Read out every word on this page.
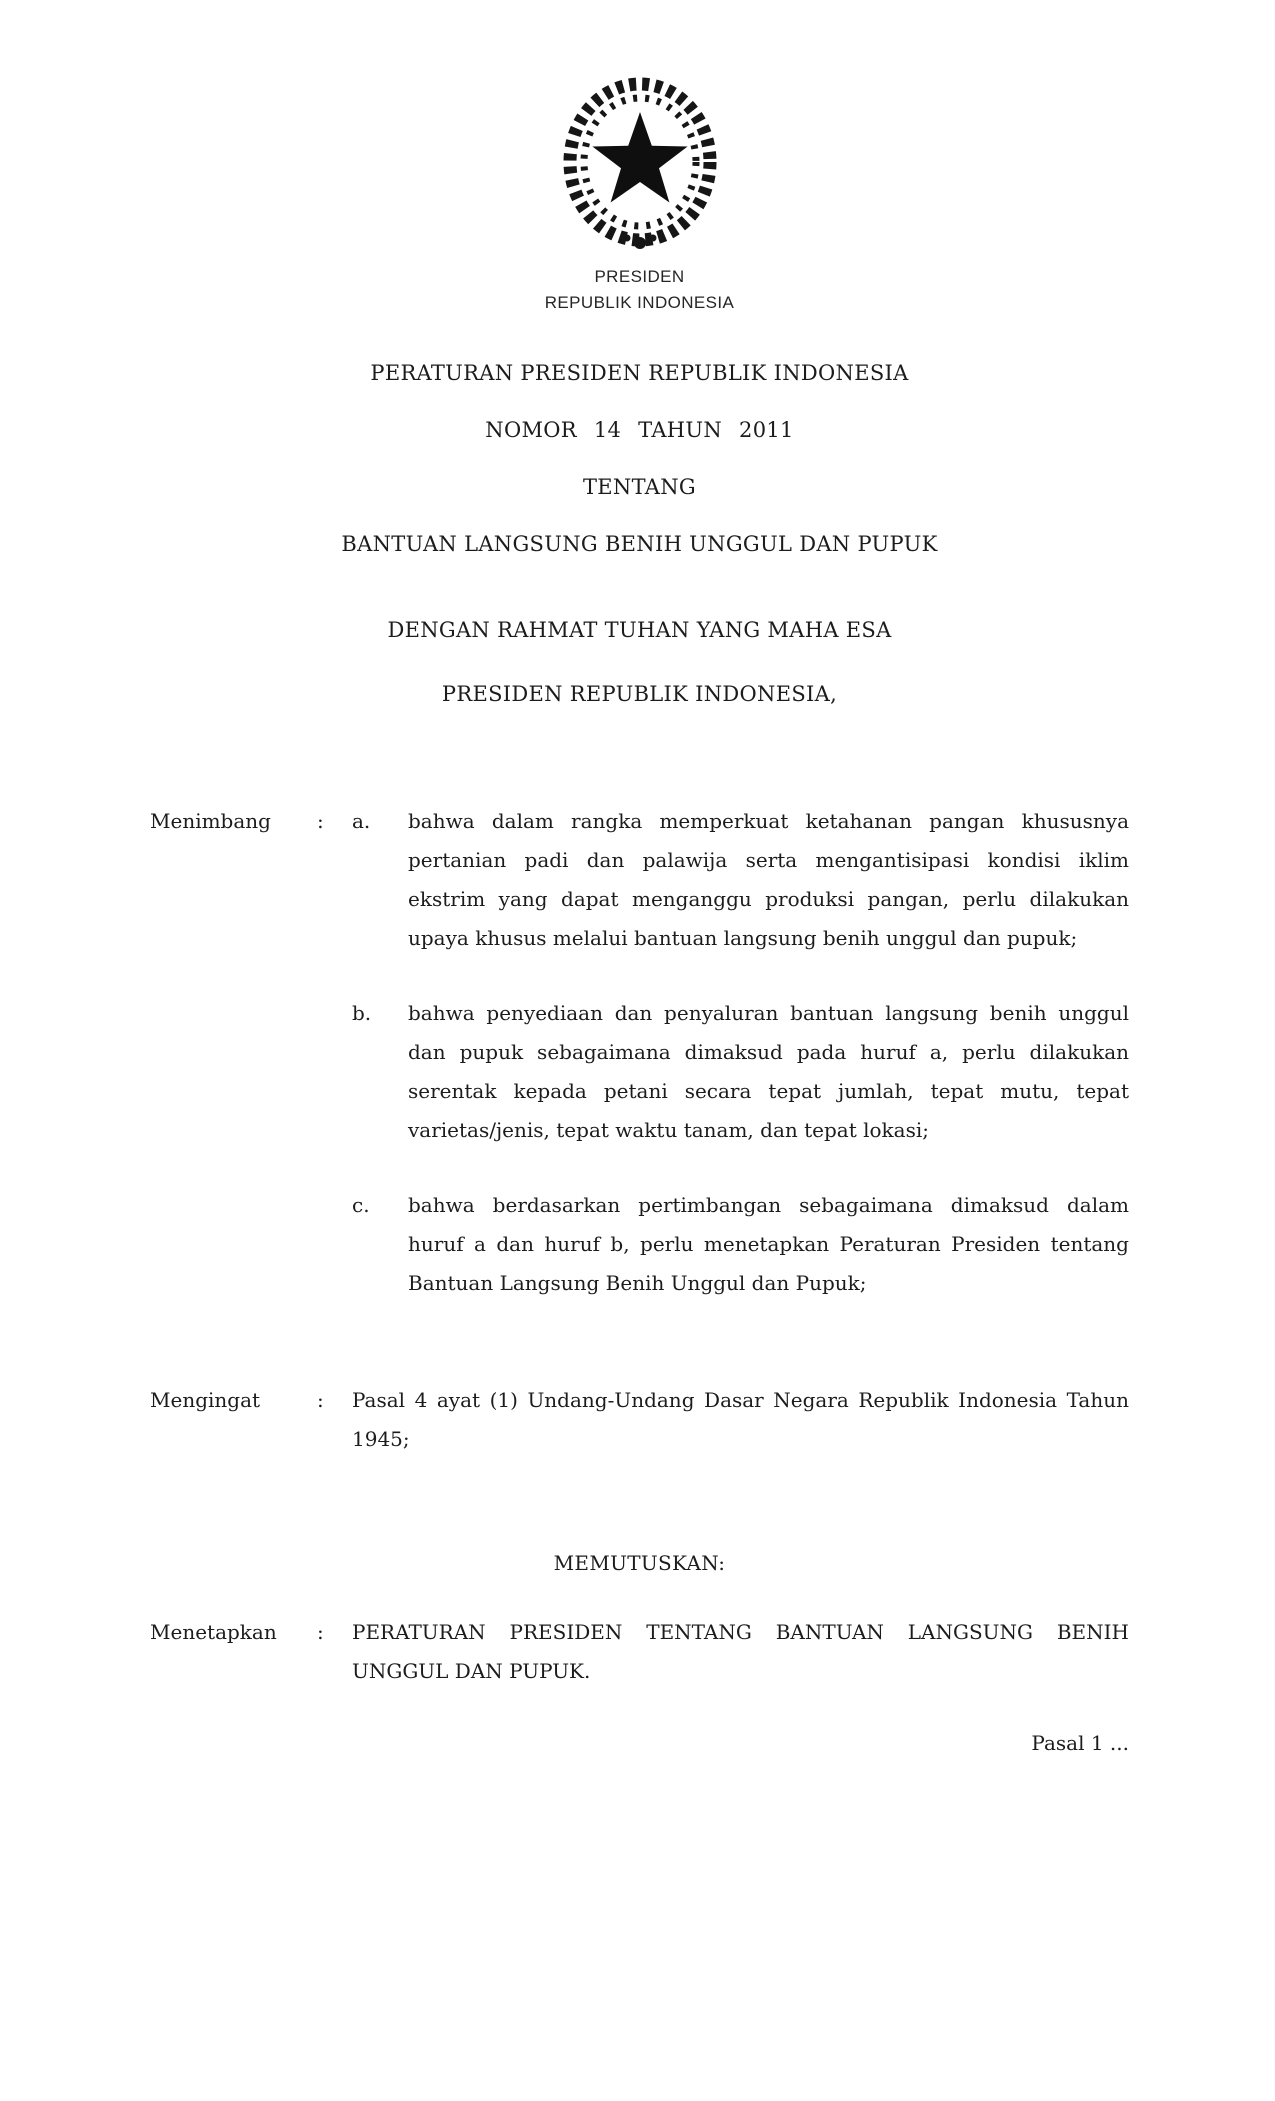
PRESIDEN
REPUBLIK INDONESIA
PERATURAN PRESIDEN REPUBLIK INDONESIA
NOMOR 14 TAHUN 2011
TENTANG
BANTUAN LANGSUNG BENIH UNGGUL DAN PUPUK
DENGAN RAHMAT TUHAN YANG MAHA ESA
PRESIDEN REPUBLIK INDONESIA,
Menimbang	:	a.	bahwa dalam rangka memperkuat ketahanan pangan khususnya pertanian padi dan palawija serta mengantisipasi kondisi iklim ekstrim yang dapat menganggu produksi pangan, perlu dilakukan upaya khusus melalui bantuan langsung benih unggul dan pupuk;
b.	bahwa penyediaan dan penyaluran bantuan langsung benih unggul dan pupuk sebagaimana dimaksud pada huruf a, perlu dilakukan serentak kepada petani secara tepat jumlah, tepat mutu, tepat varietas/jenis, tepat waktu tanam, dan tepat lokasi;
c.	bahwa berdasarkan pertimbangan sebagaimana dimaksud dalam huruf a dan huruf b, perlu menetapkan Peraturan Presiden tentang Bantuan Langsung Benih Unggul dan Pupuk;
Mengingat	:	Pasal 4 ayat (1) Undang-Undang Dasar Negara Republik Indonesia Tahun 1945;
MEMUTUSKAN:
Menetapkan	:	PERATURAN PRESIDEN TENTANG BANTUAN LANGSUNG BENIH UNGGUL DAN PUPUK.
Pasal 1 ...
